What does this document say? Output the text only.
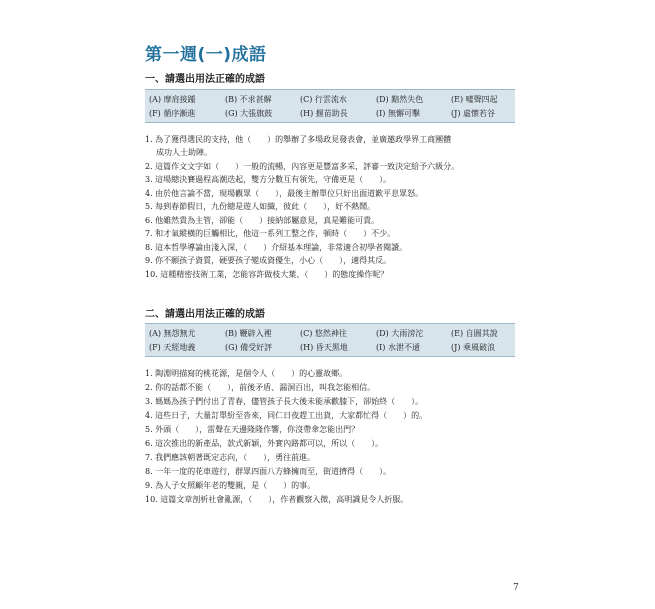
第一週(一)成語
一、請選出用法正確的成語
(A) 摩肩接踵	(B) 不求甚解	(C) 行雲流水	(D) 黯然失色	(E) 噓聲四起
(F) 循序漸進	(G) 大張旗鼓	(H) 揠苗助長	(I) 無懈可擊	(J) 虛懷若谷
1. 為了獲得選民的支持，他（　　）的舉辦了多場政見發表會，並廣邀政學界工商團體
成功人士助陣。
2. 這篇作文文字如（　　）一般的流暢，內容更是豐富多采，評審一致決定給予六級分。
3. 這場總決賽過程高潮迭起，雙方分數互有領先，守備更是（　　）。
4. 由於他言論不當，現場觀眾（　　），最後主辦單位只好出面道歉平息眾怒。
5. 每到春節假日，九份總是遊人如織，彼此（　　），好不熱鬧。
6. 他雖然貴為主管，卻能（　　）接納部屬意見，真是難能可貴。
7. 和才氣縱橫的巨觸相比，他這一系列工整之作，頓時（　　）不少。
8. 這本哲學導論由淺入深，（　　）介紹基本理論，非常適合初學者閱讀。
9. 你不願孩子資質，硬要孩子變成資優生，小心（　　），適得其反。
10. 這種精密技術工業，怎能容許做枝大葉、（　　）的態度操作呢？
二、請選出用法正確的成語
(A) 無怨無尤	(B) 鞭辟入裡	(C) 悠然神往	(D) 大雨滂沱	(E) 自圓其說
(F) 天經地義	(G) 備受好評	(H) 昏天黑地	(I) 水泄不通	(J) 乘風破浪
1. 陶淵明描寫的桃花源，是個令人（　　）的心靈故鄉。
2. 你的話都不能（　　），前後矛盾、漏洞百出，叫我怎能相信。
3. 媽媽為孩子們付出了青春，儘管孩子長大後未能承歡膝下，卻始終（　　）。
4. 這些日子，大量訂單紛至沓來，同仁日夜趕工出貨，大家都忙得（　　）的。
5. 外頭（　　），雷聲在天邊隆隆作響，你沒帶傘怎能出門？
6. 這次推出的新產品，款式新穎，外實內路都可以，所以（　　）。
7. 我們應該朝著既定志向，（　　），勇往前進。
8. 一年一度的花車遊行，群眾四面八方蜂擁而至，街道擠得（　　）。
9. 為人子女照顧年老的雙親，是（　　）的事。
10. 這篇文章剖析社會亂源，（　　），作者觀察入微，高明識見令人折服。
7
